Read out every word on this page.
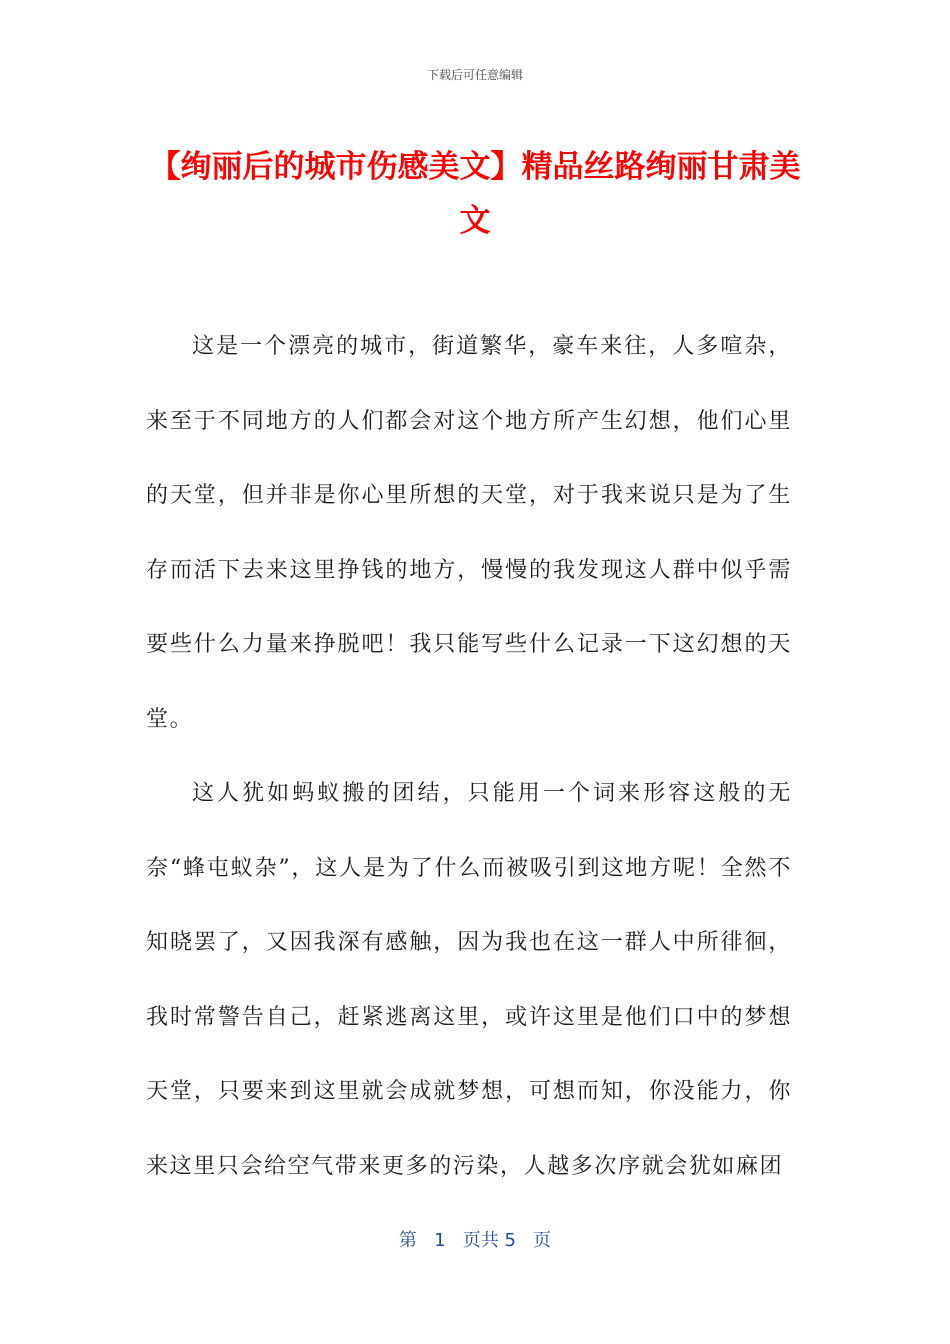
下载后可任意编辑
【绚丽后的城市伤感美文】精品丝路绚丽甘肃美文

这是一个漂亮的城市，街道繁华，豪车来往，人多喧杂，来至于不同地方的人们都会对这个地方所产生幻想，他们心里的天堂，但并非是你心里所想的天堂，对于我来说只是为了生存而活下去来这里挣钱的地方，慢慢的我发现这人群中似乎需要些什么力量来挣脱吧！我只能写些什么记录一下这幻想的天堂。

这人犹如蚂蚁搬的团结，只能用一个词来形容这般的无奈“蜂屯蚁杂”，这人是为了什么而被吸引到这地方呢！全然不知晓罢了，又因我深有感触，因为我也在这一群人中所徘徊，我时常警告自己，赶紧逃离这里，或许这里是他们口中的梦想天堂，只要来到这里就会成就梦想，可想而知，你没能力，你来这里只会给空气带来更多的污染，人越多次序就会犹如麻团

第 1 页共 5 页
